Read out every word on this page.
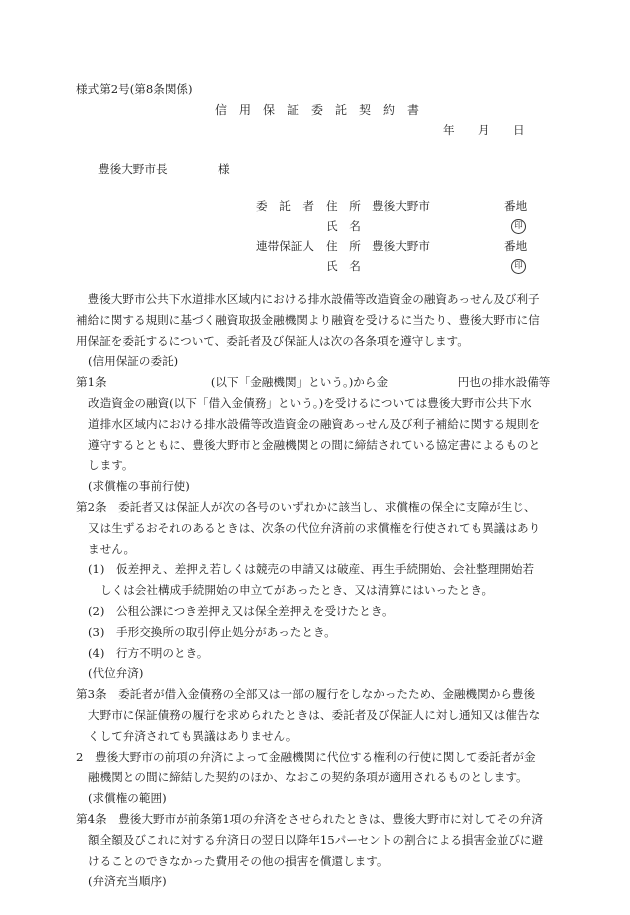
様式第2号(第8条関係)
信　用　保　証　委　託　契　約　書
年 月 日
豊後大野市長	様
委　託　者 住　所 豊後大野市	番地
氏　名	印
連帯保証人 住　所 豊後大野市	番地
氏　名	印
　豊後大野市公共下水道排水区域内における排水設備等改造資金の融資あっせん及び利子
補給に関する規則に基づく融資取扱金融機関より融資を受けるに当たり、豊後大野市に信
用保証を委託するについて、委託者及び保証人は次の各条項を遵守します。
(信用保証の委託)
第1条　　　　　　　　　(以下「金融機関」という。)から金　　　　　　円也の排水設備等
改造資金の融資(以下「借入金債務」という。)を受けるについては豊後大野市公共下水
道排水区域内における排水設備等改造資金の融資あっせん及び利子補給に関する規則を
遵守するとともに、豊後大野市と金融機関との間に締結されている協定書によるものと
します。
(求償権の事前行使)
第2条　委託者又は保証人が次の各号のいずれかに該当し、求償権の保全に支障が生じ、
又は生ずるおそれのあるときは、次条の代位弁済前の求償権を行使されても異議はあり
ません。
(1)　仮差押え、差押え若しくは競売の申請又は破産、再生手続開始、会社整理開始若
しくは会社構成手続開始の申立てがあったとき、又は清算にはいったとき。
(2)　公租公課につき差押え又は保全差押えを受けたとき。
(3)　手形交換所の取引停止処分があったとき。
(4)　行方不明のとき。
(代位弁済)
第3条　委託者が借入金債務の全部又は一部の履行をしなかったため、金融機関から豊後
大野市に保証債務の履行を求められたときは、委託者及び保証人に対し通知又は催告な
くして弁済されても異議はありません。
2　豊後大野市の前項の弁済によって金融機関に代位する権利の行使に関して委託者が金
融機関との間に締結した契約のほか、なおこの契約条項が適用されるものとします。
(求償権の範囲)
第4条　豊後大野市が前条第1項の弁済をさせられたときは、豊後大野市に対してその弁済
額全額及びこれに対する弁済日の翌日以降年15パーセントの割合による損害金並びに避
けることのできなかった費用その他の損害を償還します。
(弁済充当順序)
